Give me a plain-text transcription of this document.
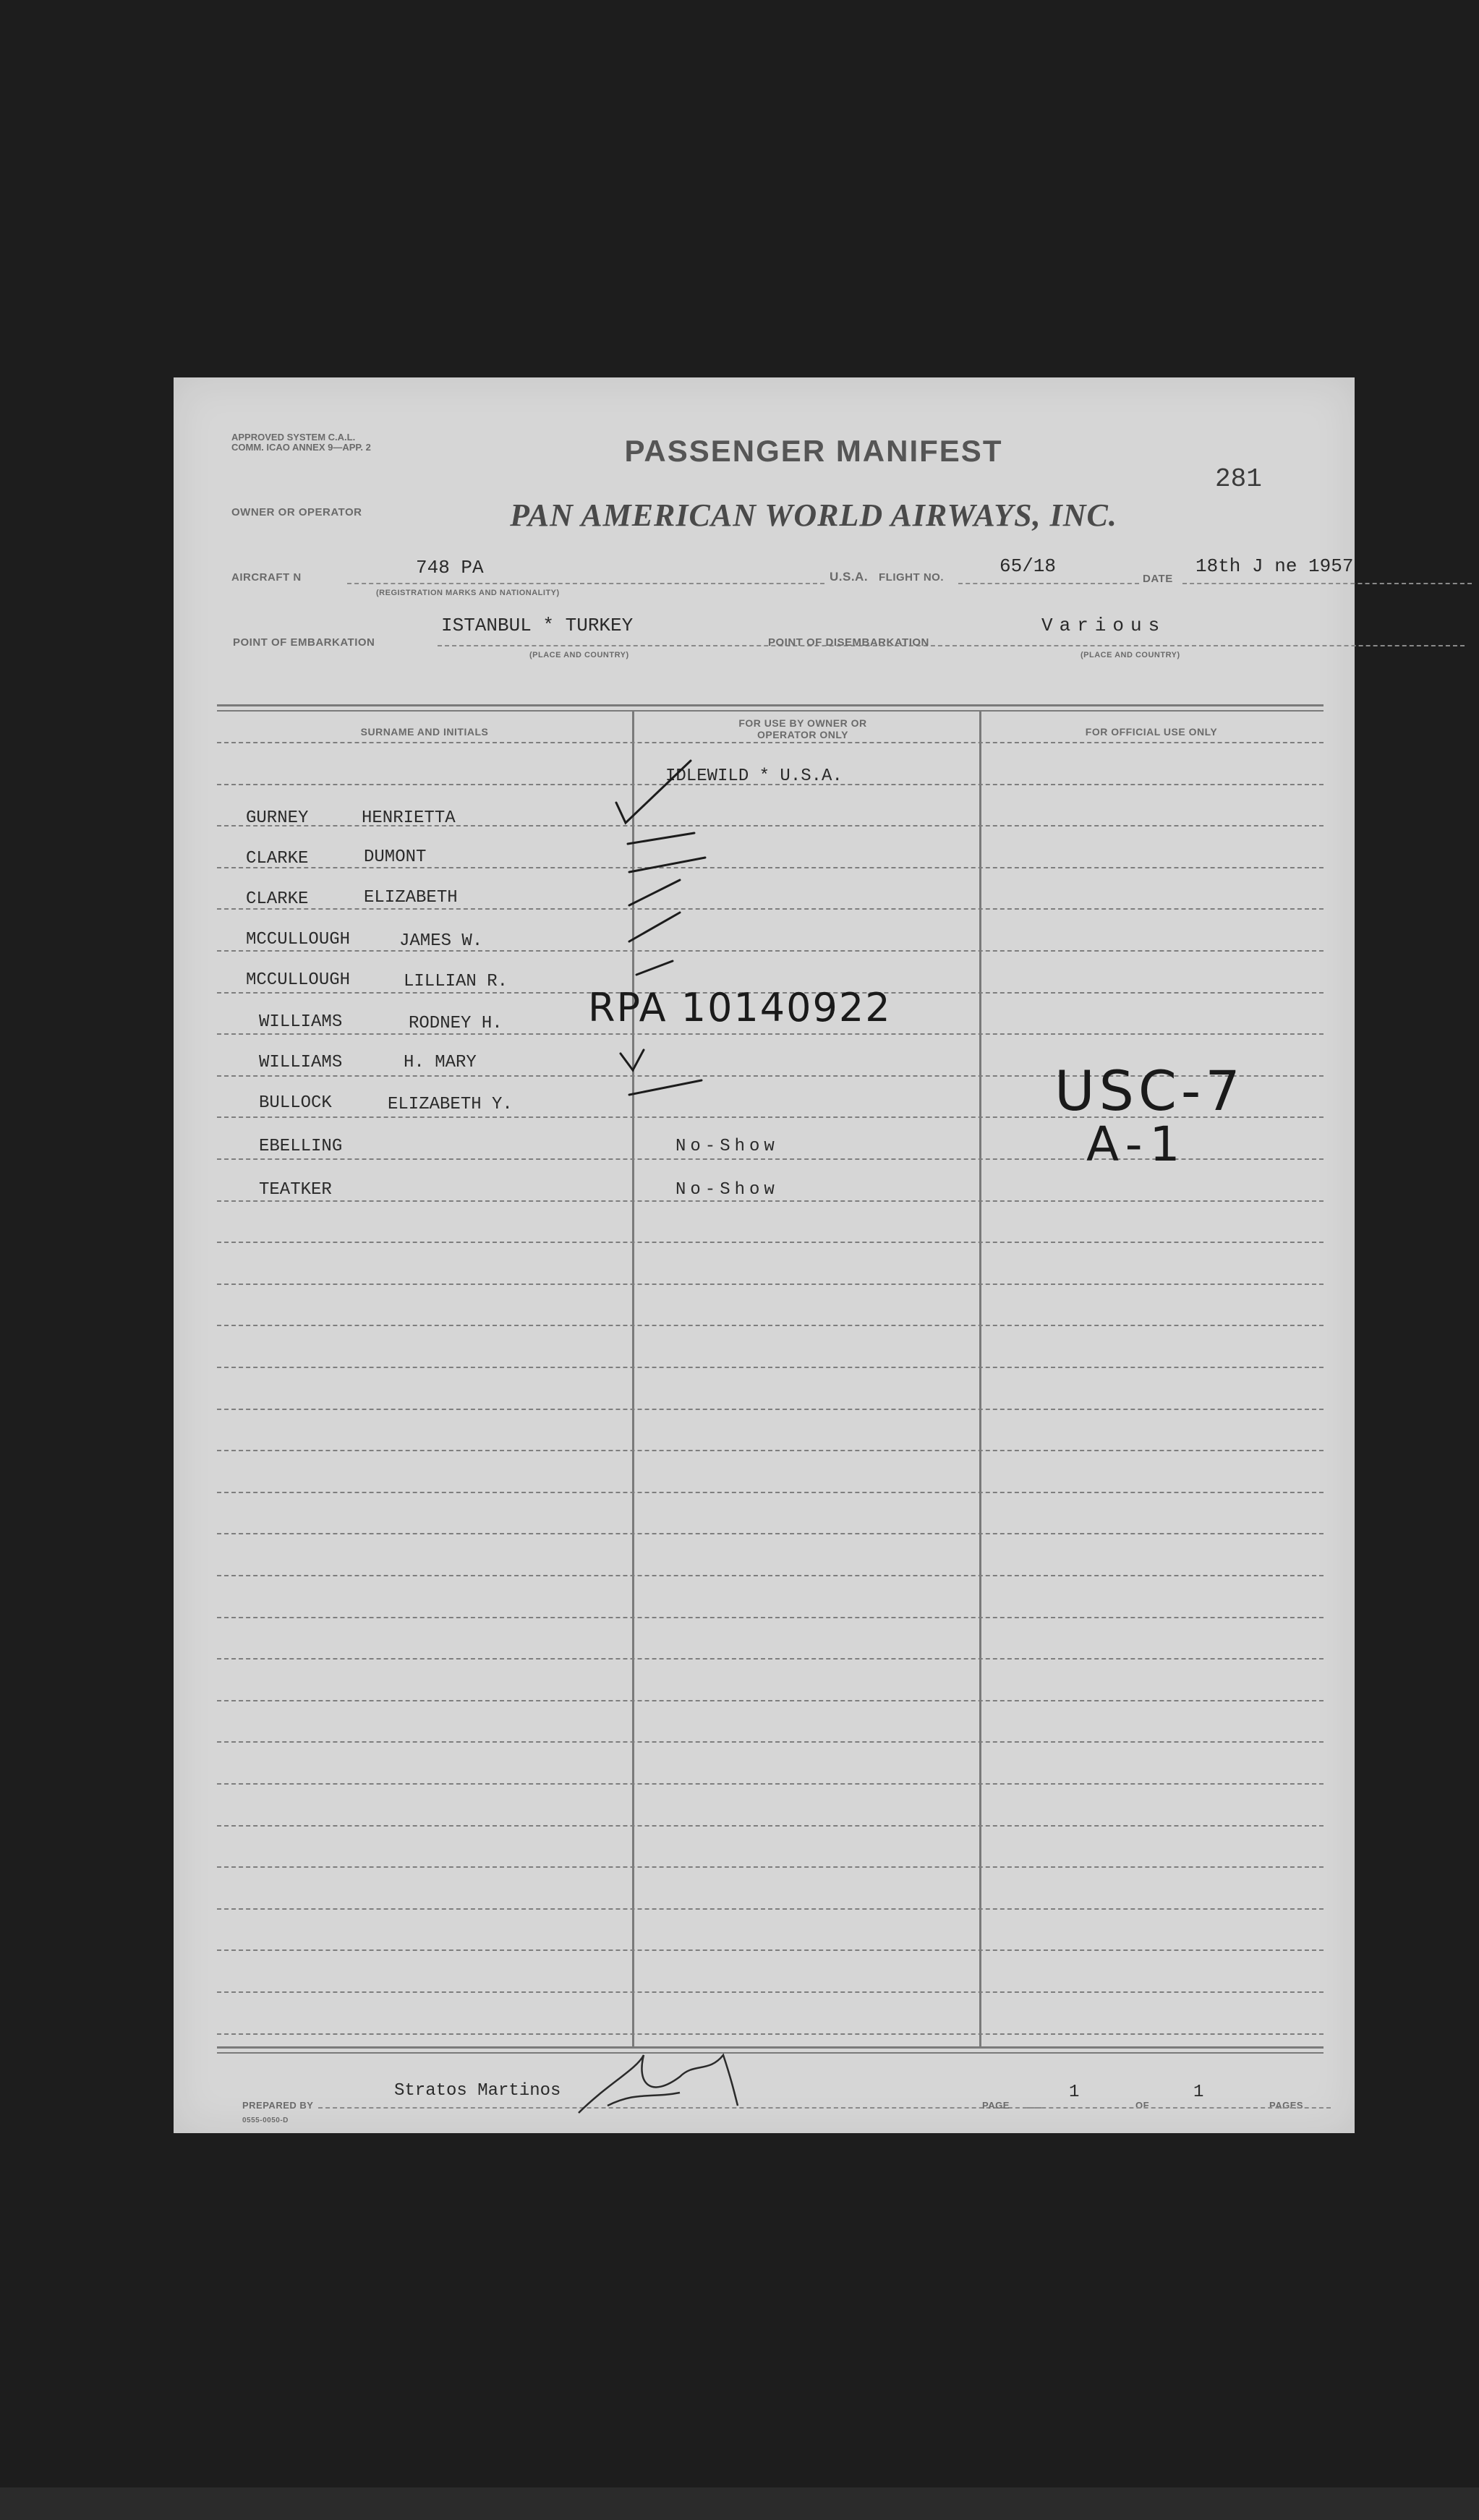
APPROVED SYSTEM C.A.L. COMM. ICAO ANNEX 9—APP. 2	PASSENGER MANIFEST
281
OWNER OR OPERATOR	PAN AMERICAN WORLD AIRWAYS, INC.
AIRCRAFT N	748 PA
(REGISTRATION MARKS AND NATIONALITY)
U.S.A. FLIGHT NO.
65/18
DATE
18th J ne 1957
POINT OF EMBARKATION
ISTANBUL * TURKEY
(PLACE AND COUNTRY)
POINT OF DISEMBARKATION
Various
(PLACE AND COUNTRY)
SURNAME AND INITIALS
FOR USE BY OWNER OR OPERATOR ONLY	FOR OFFICIAL USE ONLY
IDLEWILD * U.S.A.
GURNEY	HENRIETTA
CLARKE	DUMONT
CLARKE	ELIZABETH
MCCULLOUGH	JAMES W.
MCCULLOUGH	LILLIAN R.
WILLIAMS	RODNEY H.
WILLIAMS	H. MARY
BULLOCK	ELIZABETH Y.
EBELLING	No-Show
TEATKER	No-Show
RPA 10140922
USC-7
A-1
PREPARED BY
Stratos Martinos
0555-0050-D
PAGE
1
OF
1
PAGES
